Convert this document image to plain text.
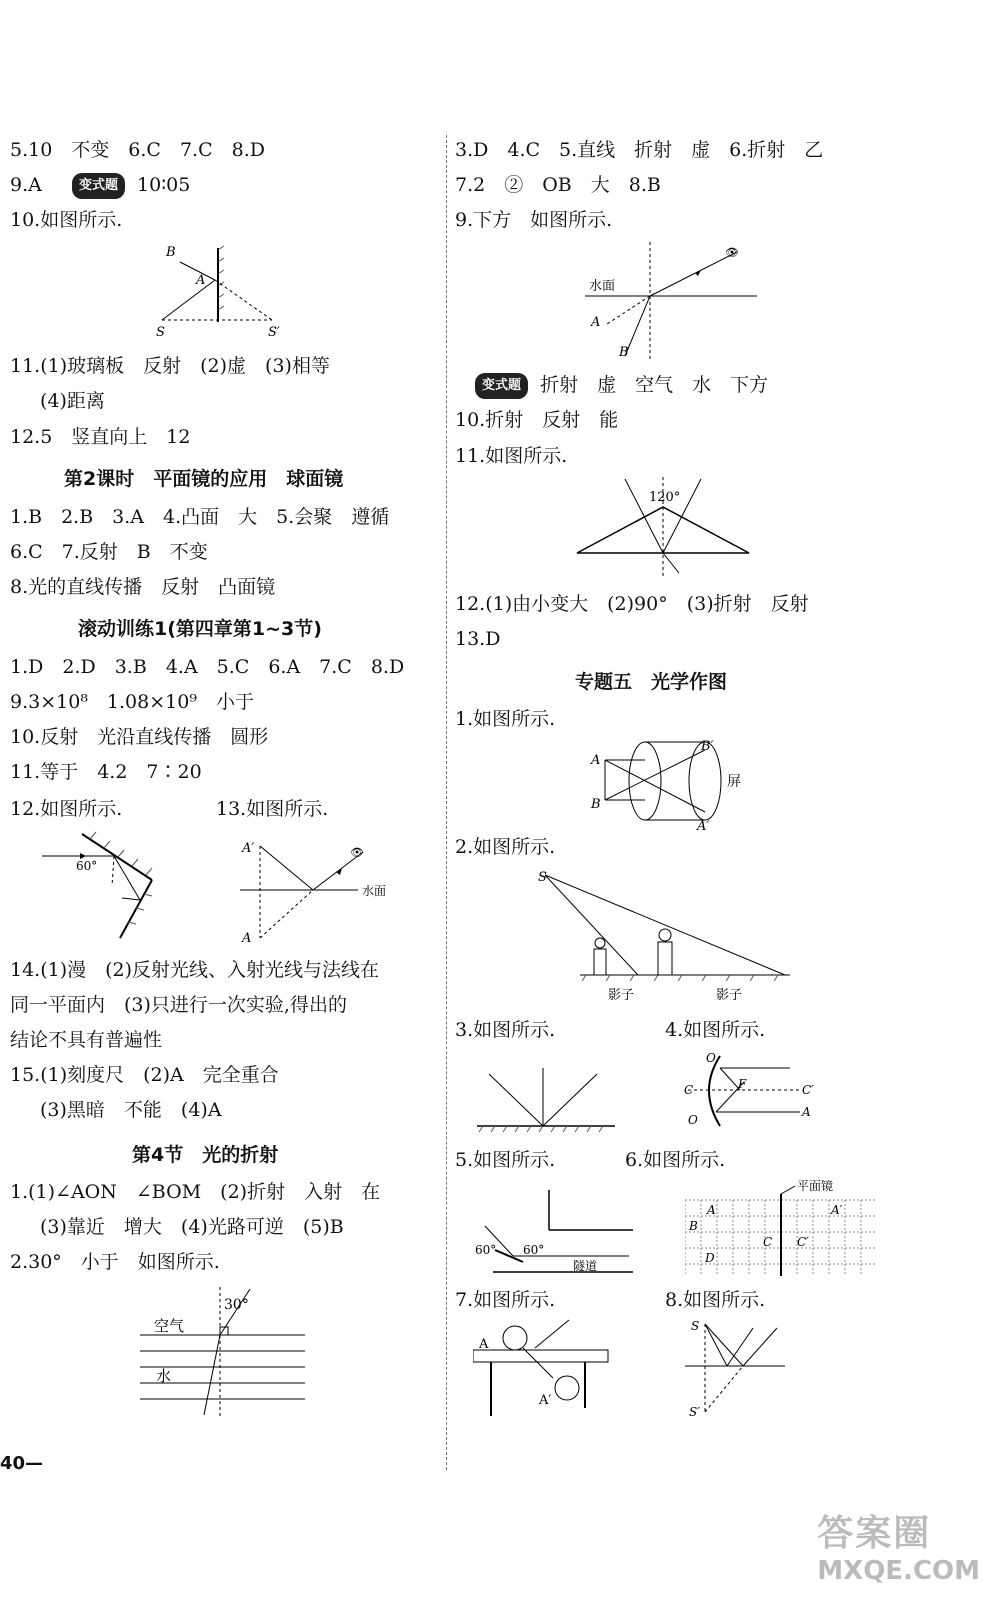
5.10　不变　6.C　7.C　8.D
9.A	变式题 10∶05
10.如图所示.
B
A
S	S′
11.(1)玻璃板　反射　(2)虚　(3)相等
(4)距离
12.5　竖直向上　12
第2课时　平面镜的应用　球面镜
1.B　2.B　3.A　4.凸面　大　5.会聚　遵循
6.C　7.反射　B　不变
8.光的直线传播　反射　凸面镜
滚动训练1(第四章第1~3节)
1.D　2.D　3.B　4.A　5.C　6.A　7.C　8.D
9.3×10⁸　1.08×10⁹　小于
10.反射　光沿直线传播　圆形
11.等于　4.2　7∶20
12.如图所示.	13.如图所示.
60°
👁
A′
A
水面
14.(1)漫　(2)反射光线、入射光线与法线在
同一平面内　(3)只进行一次实验,得出的
结论不具有普遍性
15.(1)刻度尺　(2)A　完全重合
(3)黑暗　不能　(4)A
第4节　光的折射
1.(1)∠AON　∠BOM　(2)折射　入射　在
(3)靠近　增大　(4)光路可逆　(5)B
2.30°　小于　如图所示.
30°
空气
水
40—
3.D　4.C　5.直线　折射　虚　6.折射　乙
7.2　②　OB　大　8.B
9.下方　如图所示.
👁
水面
A
B
变式题 折射　虚　空气　水　下方
10.折射　反射　能
11.如图所示.
120°
12.(1)由小变大　(2)90°　(3)折射　反射
13.D
专题五　光学作图
1.如图所示.
A
B
B′
A′
屏
2.如图所示.
S
影子	影子
3.如图所示.	4.如图所示.
O
C	F	C′
O
A
5.如图所示.	6.如图所示.
60° 60°
隧道
平面镜
A	A′
B
C C′
D
7.如图所示.	8.如图所示.
A
A′
S
S′
答案圈
MXQE.COM
